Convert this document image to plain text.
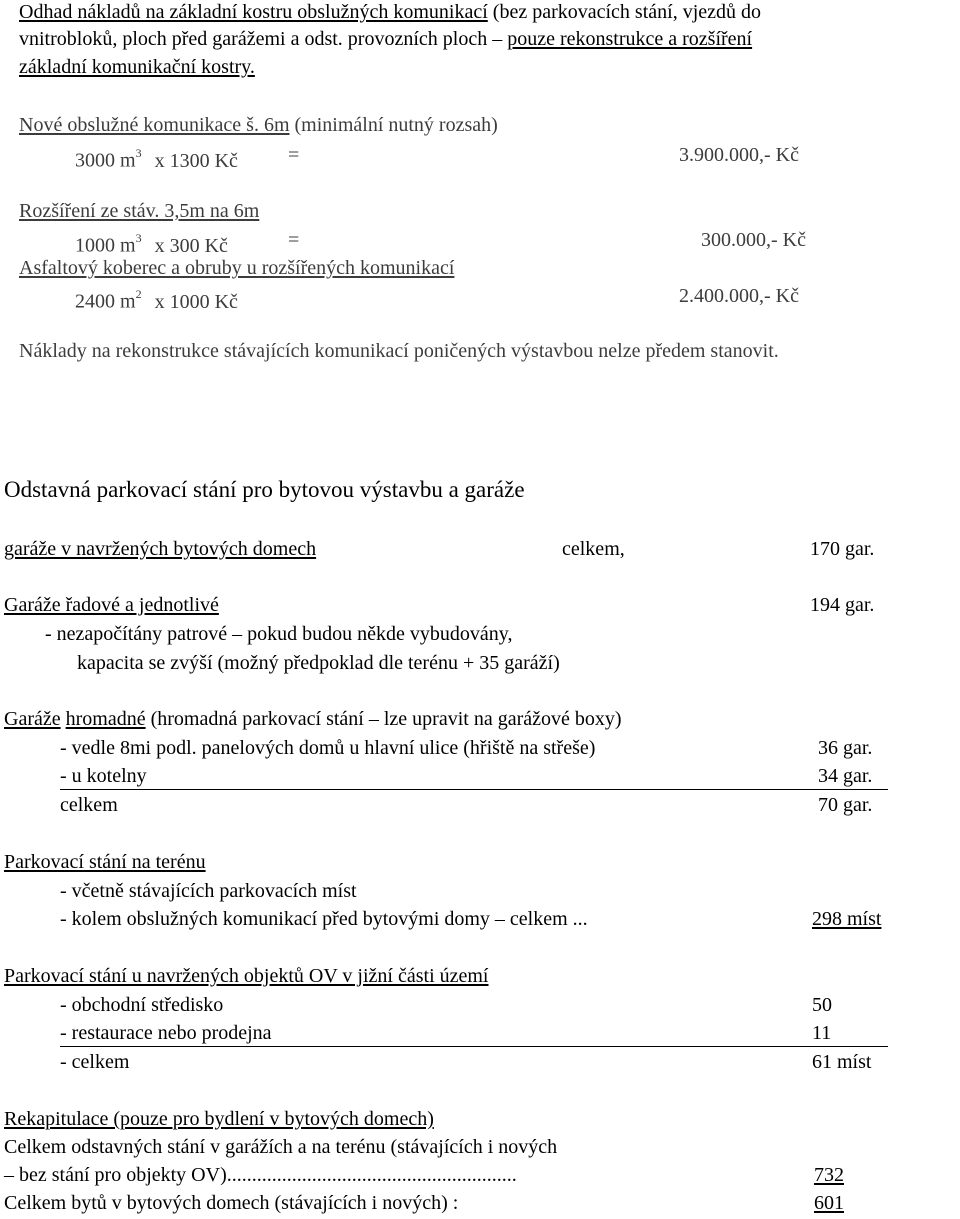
Odhad nákladů na základní kostru obslužných komunikací (bez parkovacích stání, vjezdů do
vnitrobloků, ploch před garážemi a odst. provozních ploch – pouze rekonstrukce a rozšíření
základní komunikační kostry.
Nové obslužné komunikace š. 6m (minimální nutný rozsah)
3000 $m^3$ x 1300 Kč	=	3.900.000,- Kč
Rozšíření ze stáv. 3,5m na 6m
1000 $m^3$ x 300 Kč	=	300.000,- Kč
Asfaltový koberec a obruby u rozšířených komunikací
2400 $m^2$ x 1000 Kč	2.400.000,- Kč
Náklady na rekonstrukce stávajících komunikací poničených výstavbou nelze předem stanovit.
Odstavná parkovací stání pro bytovou výstavbu a garáže
garáže v navržených bytových domech	celkem,	170 gar.
Garáže řadové a jednotlivé	194 gar.
- nezapočítány patrové – pokud budou někde vybudovány,
kapacita se zvýší (možný předpoklad dle terénu + 35 garáží)
Garáže hromadné (hromadná parkovací stání – lze upravit na garážové boxy)
- vedle 8mi podl. panelových domů u hlavní ulice (hřiště na střeše)	36 gar.
- u kotelny	34 gar.
celkem	70 gar.
Parkovací stání na terénu
- včetně stávajících parkovacích míst
- kolem obslužných komunikací před bytovými domy – celkem ...	298 míst
Parkovací stání u navržených objektů OV v jižní části území
- obchodní středisko	50
- restaurace nebo prodejna	11
- celkem	61 míst
Rekapitulace (pouze pro bydlení v bytových domech)
Celkem odstavných stání v garážích a na terénu (stávajících i nových
– bez stání pro objekty OV)..........................................................	732
Celkem bytů v bytových domech (stávajících i nových) :	601
